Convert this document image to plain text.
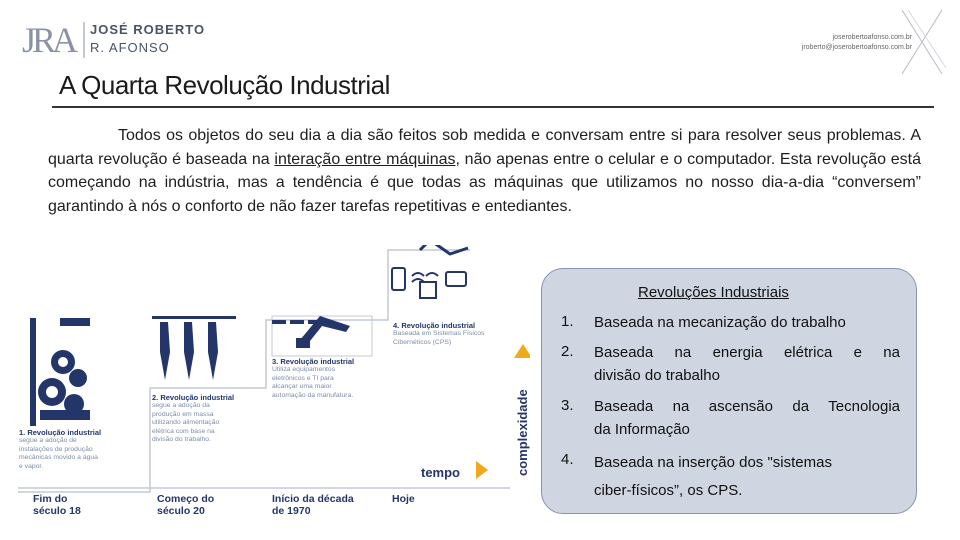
JRA	JOSÉ ROBERTO
R. AFONSO
joserobertoafonso.com.br
jroberto@joserobertoafonso.com.br
A Quarta Revolução Industrial
Todos os objetos do seu dia a dia são feitos sob medida e conversam entre si para resolver seus problemas. A quarta revolução é baseada na interação entre máquinas, não apenas entre o celular e o computador. Esta revolução está começando na indústria, mas a tendência é que todas as máquinas que utilizamos no nosso dia-a-dia “conversem” garantindo à nós o conforto de não fazer tarefas repetitivas e entediantes.
1. Revolução industrial
segue a adoção de
instalações de produção
mecânicas movido a água
e vapor.
2. Revolução industrial
segue a adoção da
produção em massa
utilizando alimentação
elétrica com base na
divisão do trabalho.
3. Revolução industrial
Utiliza equipamentos
eletrônicos e TI para
alcançar uma maior
automação da manufatura.
4. Revolução industrial
Baseada em Sistemas Físicos
Cibernéticos (CPS)
Fim do
século 18
Começo do
século 20
Início da década
de 1970
Hoje
tempo	complexidade
Revoluções Industriais
1. Baseada na mecanização do trabalho
2. Baseada na energia elétrica e na
divisão do trabalho
3. Baseada na ascensão da Tecnologia
da Informação
4. Baseada na inserção dos "sistemas
ciber-físicos”, os CPS.
